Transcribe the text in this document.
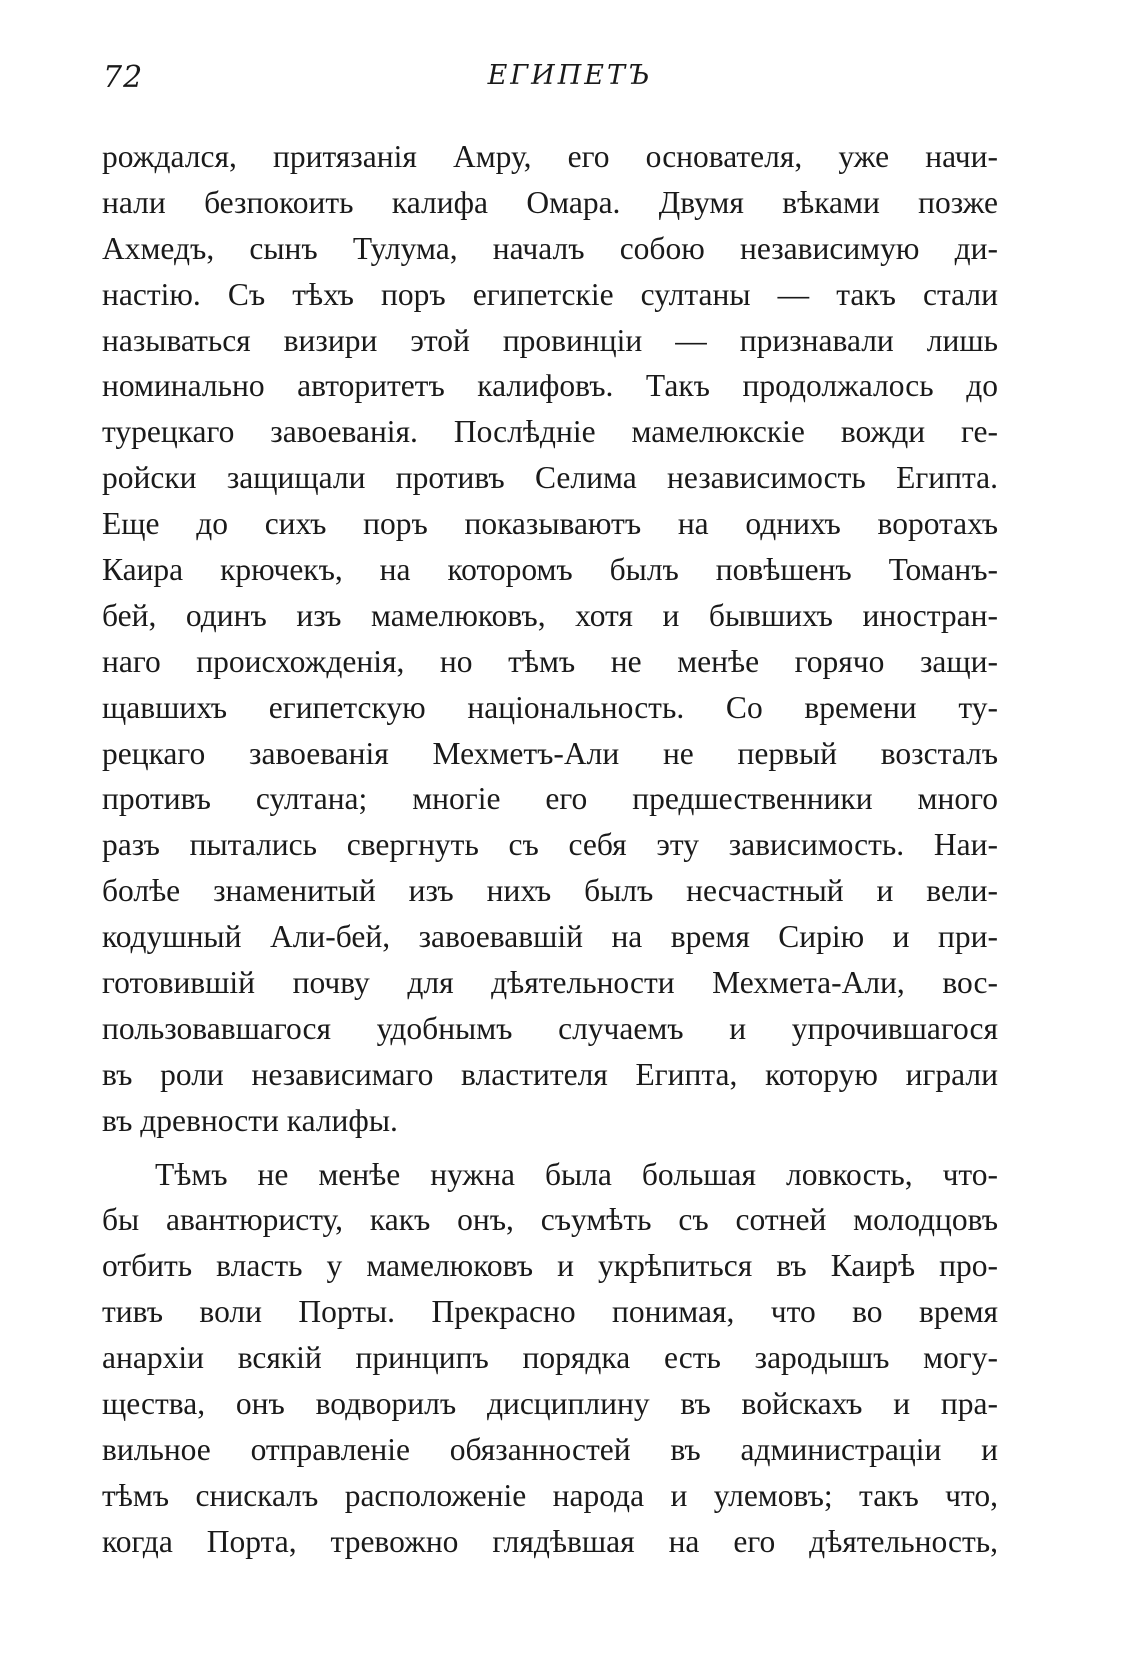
72	ЕГИПЕТЪ
рождался, притязанія Амру, его основателя, уже начи-
нали безпокоить калифа Омара. Двумя вѣками позже
Ахмедъ, сынъ Тулума, началъ собою независимую ди-
настію. Съ тѣхъ поръ египетскіе султаны — такъ стали
называться визири этой провинціи — признавали лишь
номинально авторитетъ калифовъ. Такъ продолжалось до
турецкаго завоеванія. Послѣдніе мамелюкскіе вожди ге-
ройски защищали противъ Селима независимость Египта.
Еще до сихъ поръ показываютъ на однихъ воротахъ
Каира крючекъ, на которомъ былъ повѣшенъ Томанъ-
бей, одинъ изъ мамелюковъ, хотя и бывшихъ иностран-
наго происхожденія, но тѣмъ не менѣе горячо защи-
щавшихъ египетскую національность. Со времени ту-
рецкаго завоеванія Мехметъ-Али не первый возсталъ
противъ султана; многіе его предшественники много
разъ пытались свергнуть съ себя эту зависимость. Наи-
болѣе знаменитый изъ нихъ былъ несчастный и вели-
кодушный Али-бей, завоевавшій на время Сирію и при-
готовившій почву для дѣятельности Мехмета-Али, вос-
пользовавшагося удобнымъ случаемъ и упрочившагося
въ роли независимаго властителя Египта, которую играли
въ древности калифы.
Тѣмъ не менѣе нужна была большая ловкость, что-
бы авантюристу, какъ онъ, съумѣть съ сотней молодцовъ
отбить власть у мамелюковъ и укрѣпиться въ Каирѣ про-
тивъ воли Порты. Прекрасно понимая, что во время
анархіи всякій принципъ порядка есть зародышъ могу-
щества, онъ водворилъ дисциплину въ войскахъ и пра-
вильное отправленіе обязанностей въ администраціи и
тѣмъ снискалъ расположеніе народа и улемовъ; такъ что,
когда Порта, тревожно глядѣвшая на его дѣятельность,
